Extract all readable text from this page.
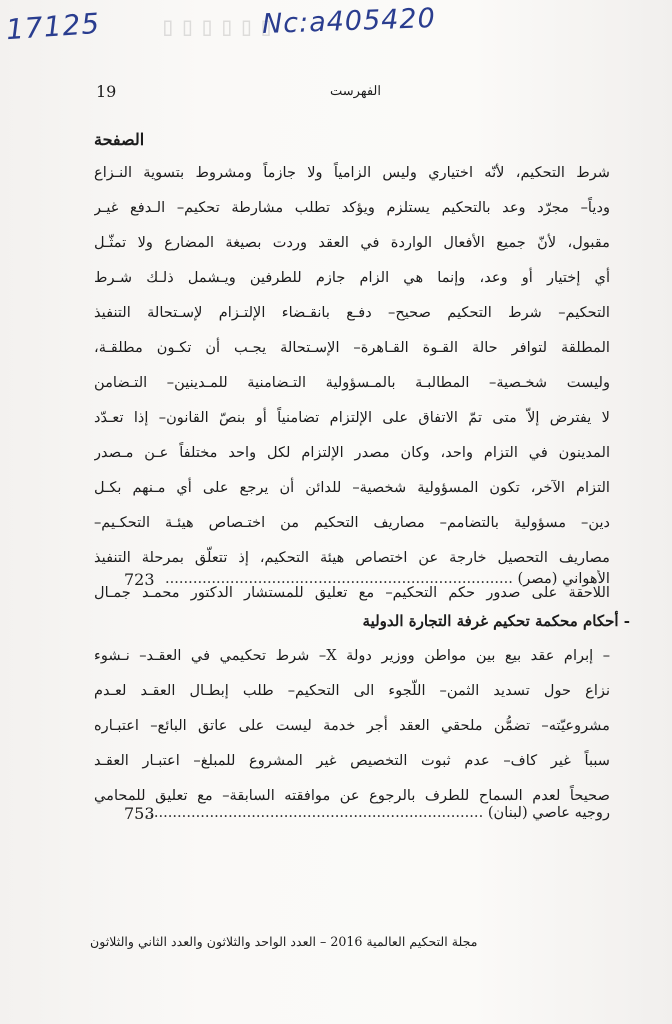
▯▯▯▯▯▯
17125	Nc:a405420
19	الفهرست
الصفحة
شرط التحكيم، لأنّه اختياري وليس الزامياً ولا جازماً ومشروط بتسوية النـزاع
ودياً– مجرّد وعد بالتحكيم يستلزم ويؤكد تطلب مشارطة تحكيم– الـدفع غيـر
مقبول، لأنّ جميع الأفعال الواردة في العقد وردت بصيغة المضارع ولا تمثّـل
أي إختيار أو وعد، وإنما هي الزام جازم للطرفين ويـشمل ذلـك شـرط
التحكيم– شرط التحكيم صحيح– دفـع بانقـضاء الإلتـزام لإسـتحالة التنفيذ
المطلقة لتوافر حالة القـوة القـاهرة– الإسـتحالة يجـب أن تكـون مطلقـة،
وليست شخـصية– المطالبـة بالمـسؤولية التـضامنية للمـدينين– التـضامن
لا يفترض إلاّ متى تمّ الاتفاق على الإلتزام تضامنياً أو بنصّ القانون– إذا تعـدّد
المدينون في التزام واحد، وكان مصدر الإلتزام لكل واحد مختلفاً عـن مـصدر
التزام الآخر، تكون المسؤولية شخصية– للدائن أن يرجع على أي مـنهم بكـل
دين– مسؤولية بالتضامم– مصاريف التحكيم من اختـصاص هيئـة التحكـيم–
مصاريف التحصيل خارجة عن اختصاص هيئة التحكيم، إذ تتعلّق بمرحلة التنفيذ
اللاحقة على صدور حكم التحكيم– مع تعليق للمستشار الدكتور محمـد جمـال
723	الأهواني (مصر) ...........................................................................
- أحكام محكمة تحكيم غرفة التجارة الدولية
– إبرام عقد بيع بين مواطن ووزير دولة X– شرط تحكيمي في العقـد– نـشوء
نزاع حول تسديد الثمن– اللّجوء الى التحكيم– طلب إبطـال العقـد لعـدم
مشروعيّته– تضمُّن ملحقي العقد أجر خدمة ليست على عاتق البائع– اعتبـاره
سبباً غير كاف– عدم ثبوت التخصيص غير المشروع للمبلغ– اعتبـار العقـد
صحيحاً لعدم السماح للطرف بالرجوع عن موافقته السابقة– مع تعليق للمحامي
753	روجيه عاصي (لبنان) .........................................................................
مجلة التحكيم العالمية 2016 – العدد الواحد والثلاثون والعدد الثاني والثلاثون
